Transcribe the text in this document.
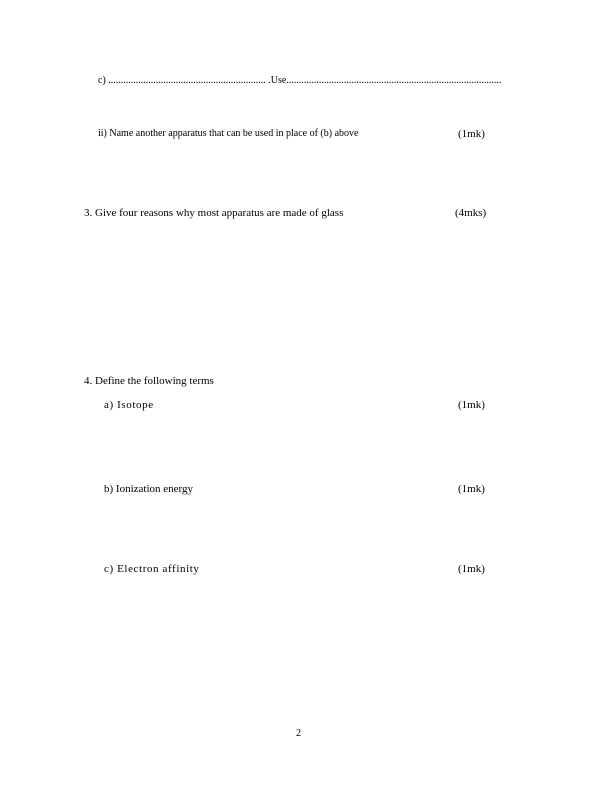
c) ............................................................... .Use......................................................................................
ii) Name another apparatus that can be used in place of (b) above	(1mk)
3. Give four reasons why most apparatus are made of glass	(4mks)
4. Define the following terms
a) Isotope	(1mk)
b) Ionization energy	(1mk)
c) Electron affinity	(1mk)
2
